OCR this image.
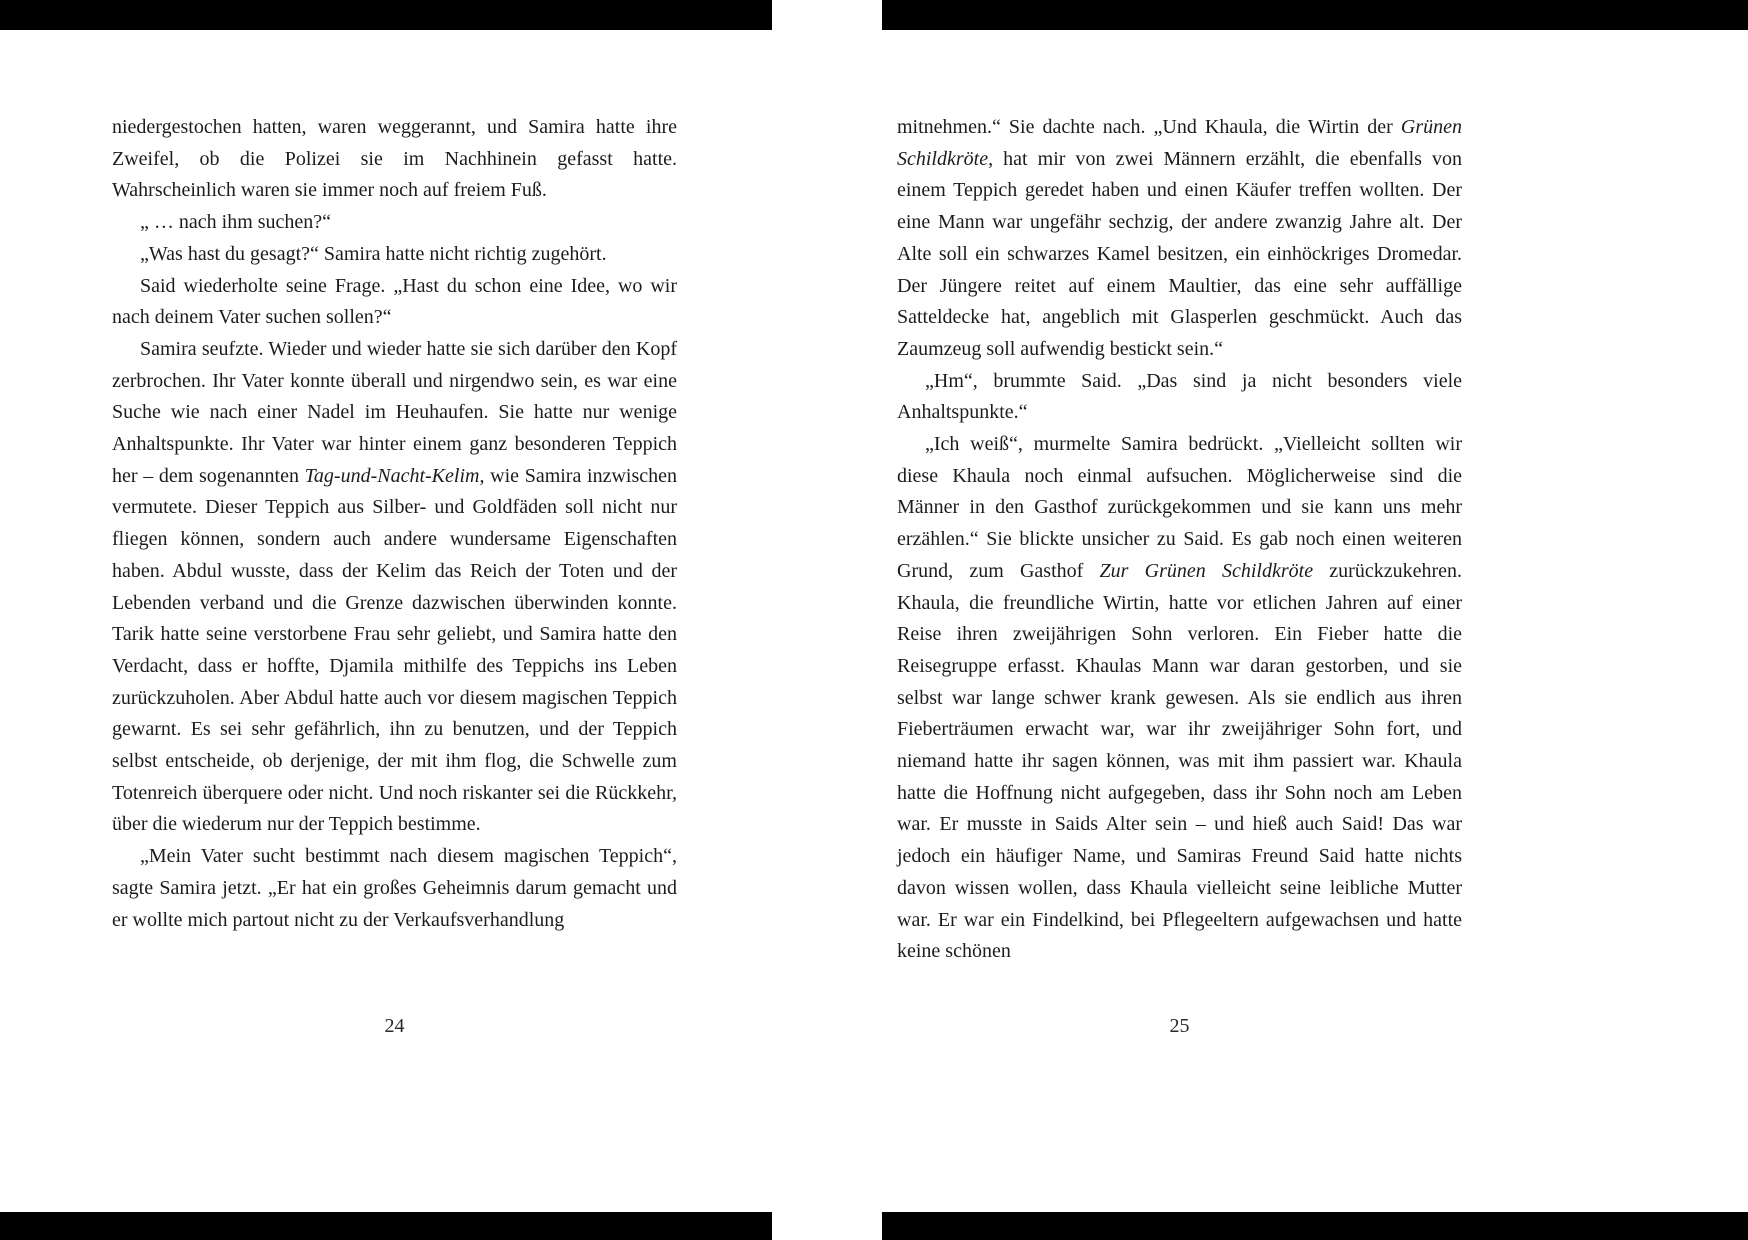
niedergestochen hatten, waren weggerannt, und Samira hatte ihre Zweifel, ob die Polizei sie im Nachhinein gefasst hatte. Wahrscheinlich waren sie immer noch auf freiem Fuß.

„ … nach ihm suchen?“

„Was hast du gesagt?“ Samira hatte nicht richtig zugehört.

Said wiederholte seine Frage. „Hast du schon eine Idee, wo wir nach deinem Vater suchen sollen?“

Samira seufzte. Wieder und wieder hatte sie sich darüber den Kopf zerbrochen. Ihr Vater konnte überall und nirgendwo sein, es war eine Suche wie nach einer Nadel im Heuhaufen. Sie hatte nur wenige Anhaltspunkte. Ihr Vater war hinter einem ganz besonderen Teppich her – dem sogenannten Tag-und-Nacht-Kelim, wie Samira inzwischen vermutete. Dieser Teppich aus Silber- und Goldfäden soll nicht nur fliegen können, sondern auch andere wundersame Eigenschaften haben. Abdul wusste, dass der Kelim das Reich der Toten und der Lebenden verband und die Grenze dazwischen überwinden konnte. Tarik hatte seine verstorbene Frau sehr geliebt, und Samira hatte den Verdacht, dass er hoffte, Djamila mithilfe des Teppichs ins Leben zurückzuholen. Aber Abdul hatte auch vor diesem magischen Teppich gewarnt. Es sei sehr gefährlich, ihn zu benutzen, und der Teppich selbst entscheide, ob derjenige, der mit ihm flog, die Schwelle zum Totenreich überquere oder nicht. Und noch riskanter sei die Rückkehr, über die wiederum nur der Teppich bestimme.

„Mein Vater sucht bestimmt nach diesem magischen Teppich“, sagte Samira jetzt. „Er hat ein großes Geheimnis darum gemacht und er wollte mich partout nicht zu der Verkaufsverhandlung

mitnehmen.“ Sie dachte nach. „Und Khaula, die Wirtin der Grünen Schildkröte, hat mir von zwei Männern erzählt, die ebenfalls von einem Teppich geredet haben und einen Käufer treffen wollten. Der eine Mann war ungefähr sechzig, der andere zwanzig Jahre alt. Der Alte soll ein schwarzes Kamel besitzen, ein einhöckriges Dromedar. Der Jüngere reitet auf einem Maultier, das eine sehr auffällige Satteldecke hat, angeblich mit Glasperlen geschmückt. Auch das Zaumzeug soll aufwendig bestickt sein.“

„Hm“, brummte Said. „Das sind ja nicht besonders viele Anhaltspunkte.“

„Ich weiß“, murmelte Samira bedrückt. „Vielleicht sollten wir diese Khaula noch einmal aufsuchen. Möglicherweise sind die Männer in den Gasthof zurückgekommen und sie kann uns mehr erzählen.“ Sie blickte unsicher zu Said. Es gab noch einen weiteren Grund, zum Gasthof Zur Grünen Schildkröte zurückzukehren. Khaula, die freundliche Wirtin, hatte vor etlichen Jahren auf einer Reise ihren zweijährigen Sohn verloren. Ein Fieber hatte die Reisegruppe erfasst. Khaulas Mann war daran gestorben, und sie selbst war lange schwer krank gewesen. Als sie endlich aus ihren Fieberträumen erwacht war, war ihr zweijähriger Sohn fort, und niemand hatte ihr sagen können, was mit ihm passiert war. Khaula hatte die Hoffnung nicht aufgegeben, dass ihr Sohn noch am Leben war. Er musste in Saids Alter sein – und hieß auch Said! Das war jedoch ein häufiger Name, und Samiras Freund Said hatte nichts davon wissen wollen, dass Khaula vielleicht seine leibliche Mutter war. Er war ein Findelkind, bei Pflegeeltern aufgewachsen und hatte keine schönen

24	25
